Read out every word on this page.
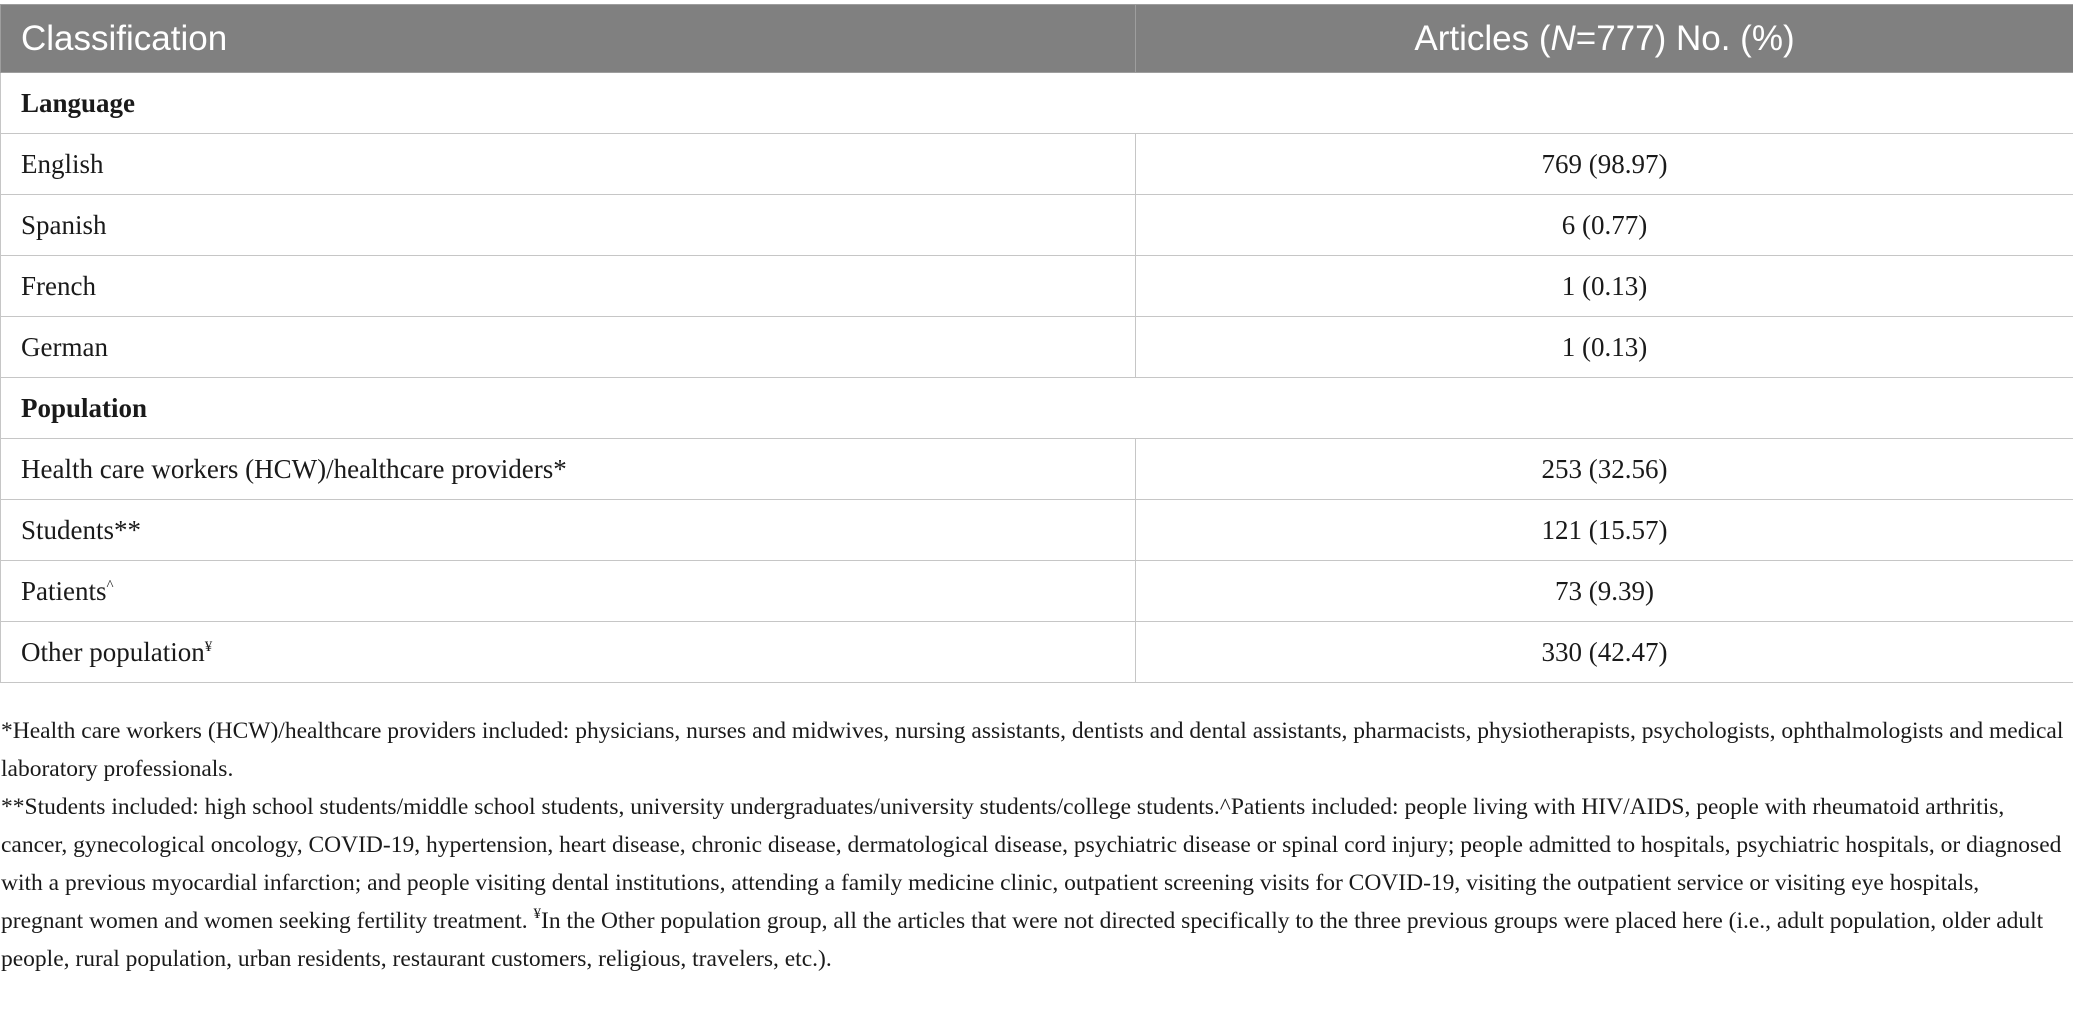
Classification	Articles (N=777) No. (%)
Language	
English	769 (98.97)
Spanish	6 (0.77)
French	1 (0.13)
German	1 (0.13)
Population	
Health care workers (HCW)/healthcare providers*	253 (32.56)
Students**	121 (15.57)
Patients^	73 (9.39)
Other population¥	330 (42.47)

*Health care workers (HCW)/healthcare providers included: physicians, nurses and midwives, nursing assistants, dentists and dental assistants, pharmacists, physiotherapists, psychologists, ophthalmologists and medical laboratory professionals.

**Students included: high school students/middle school students, university undergraduates/university students/college students.^Patients included: people living with HIV/AIDS, people with rheumatoid arthritis, cancer, gynecological oncology, COVID-19, hypertension, heart disease, chronic disease, dermatological disease, psychiatric disease or spinal cord injury; people admitted to hospitals, psychiatric hospitals, or diagnosed with a previous myocardial infarction; and people visiting dental institutions, attending a family medicine clinic, outpatient screening visits for COVID-19, visiting the outpatient service or visiting eye hospitals, pregnant women and women seeking fertility treatment. ¥In the Other population group, all the articles that were not directed specifically to the three previous groups were placed here (i.e., adult population, older adult people, rural population, urban residents, restaurant customers, religious, travelers, etc.).
